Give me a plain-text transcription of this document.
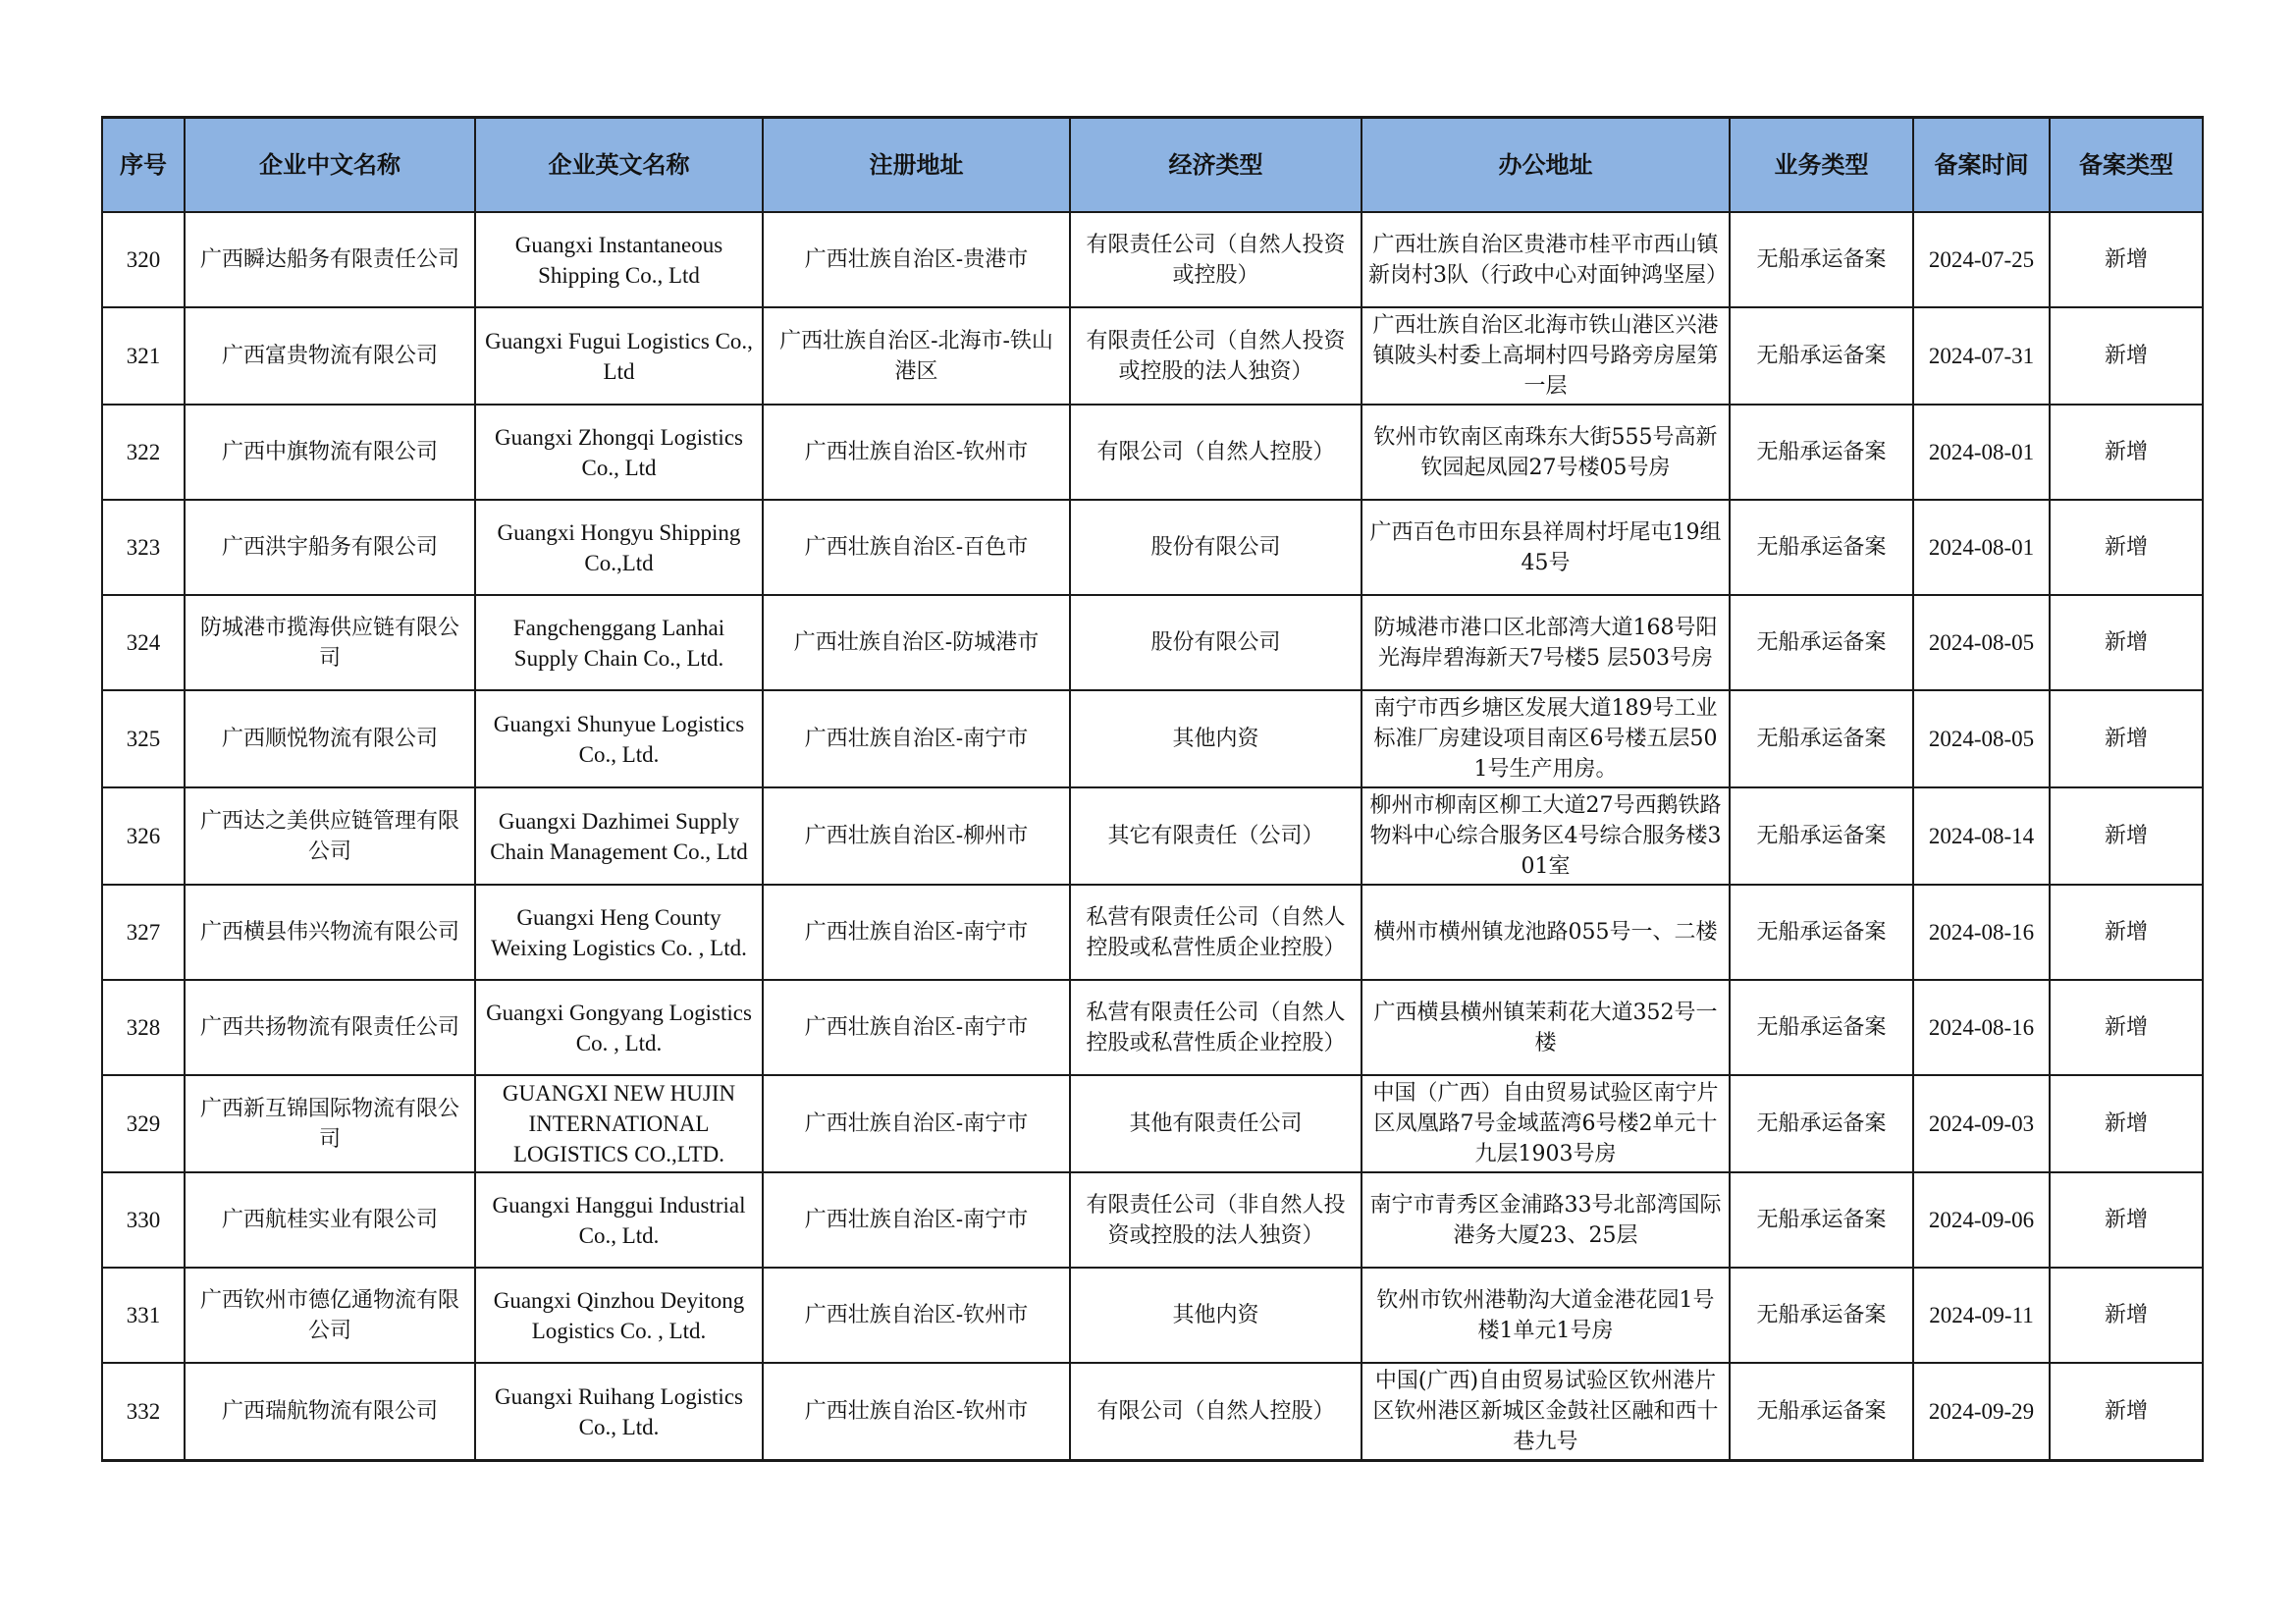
序号	企业中文名称	企业英文名称	注册地址	经济类型	办公地址	业务类型	备案时间	备案类型
320	广西瞬达船务有限责任公司	Guangxi Instantaneous Shipping Co., Ltd	广西壮族自治区-贵港市	有限责任公司（自然人投资或控股）	广西壮族自治区贵港市桂平市西山镇新岗村3队（行政中心对面钟鸿坚屋）	无船承运备案	2024-07-25	新增
321	广西富贵物流有限公司	Guangxi Fugui Logistics Co., Ltd	广西壮族自治区-北海市-铁山港区	有限责任公司（自然人投资或控股的法人独资）	广西壮族自治区北海市铁山港区兴港镇陂头村委上高垌村四号路旁房屋第一层	无船承运备案	2024-07-31	新增
322	广西中旗物流有限公司	Guangxi Zhongqi Logistics Co., Ltd	广西壮族自治区-钦州市	有限公司（自然人控股）	钦州市钦南区南珠东大街555号高新钦园起凤园27号楼05号房	无船承运备案	2024-08-01	新增
323	广西洪宇船务有限公司	Guangxi Hongyu Shipping Co.,Ltd	广西壮族自治区-百色市	股份有限公司	广西百色市田东县祥周村圩尾屯19组45号	无船承运备案	2024-08-01	新增
324	防城港市揽海供应链有限公司	Fangchenggang Lanhai Supply Chain Co., Ltd.	广西壮族自治区-防城港市	股份有限公司	防城港市港口区北部湾大道168号阳光海岸碧海新天7号楼5 层503号房	无船承运备案	2024-08-05	新增
325	广西顺悦物流有限公司	Guangxi Shunyue Logistics Co., Ltd.	广西壮族自治区-南宁市	其他内资	南宁市西乡塘区发展大道189号工业标准厂房建设项目南区6号楼五层501号生产用房。	无船承运备案	2024-08-05	新增
326	广西达之美供应链管理有限公司	Guangxi Dazhimei Supply Chain Management Co., Ltd	广西壮族自治区-柳州市	其它有限责任（公司）	柳州市柳南区柳工大道27号西鹅铁路物料中心综合服务区4号综合服务楼301室	无船承运备案	2024-08-14	新增
327	广西横县伟兴物流有限公司	Guangxi Heng County Weixing Logistics Co. , Ltd.	广西壮族自治区-南宁市	私营有限责任公司（自然人控股或私营性质企业控股）	横州市横州镇龙池路055号一、二楼	无船承运备案	2024-08-16	新增
328	广西共扬物流有限责任公司	Guangxi Gongyang Logistics Co. , Ltd.	广西壮族自治区-南宁市	私营有限责任公司（自然人控股或私营性质企业控股）	广西横县横州镇茉莉花大道352号一楼	无船承运备案	2024-08-16	新增
329	广西新互锦国际物流有限公司	GUANGXI NEW HUJIN INTERNATIONAL LOGISTICS CO.,LTD.	广西壮族自治区-南宁市	其他有限责任公司	中国（广西）自由贸易试验区南宁片区凤凰路7号金域蓝湾6号楼2单元十九层1903号房	无船承运备案	2024-09-03	新增
330	广西航桂实业有限公司	Guangxi Hanggui Industrial Co., Ltd.	广西壮族自治区-南宁市	有限责任公司（非自然人投资或控股的法人独资）	南宁市青秀区金浦路33号北部湾国际港务大厦23、25层	无船承运备案	2024-09-06	新增
331	广西钦州市德亿通物流有限公司	Guangxi Qinzhou Deyitong Logistics Co. , Ltd.	广西壮族自治区-钦州市	其他内资	钦州市钦州港勒沟大道金港花园1号楼1单元1号房	无船承运备案	2024-09-11	新增
332	广西瑞航物流有限公司	Guangxi Ruihang Logistics Co., Ltd.	广西壮族自治区-钦州市	有限公司（自然人控股）	中国(广西)自由贸易试验区钦州港片区钦州港区新城区金鼓社区融和西十巷九号	无船承运备案	2024-09-29	新增
